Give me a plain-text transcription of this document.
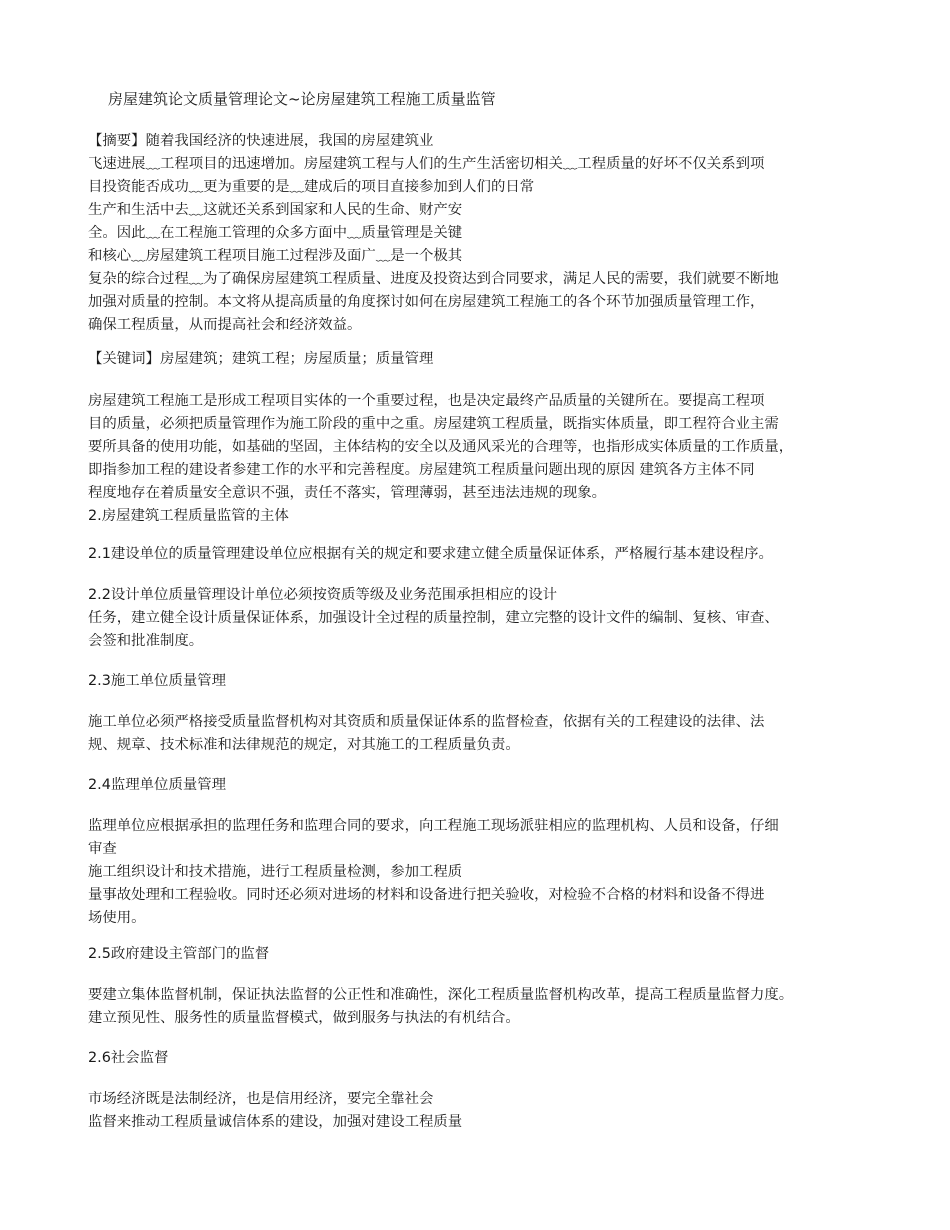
房屋建筑论文质量管理论文~论房屋建筑工程施工质量监管
【摘要】随着我国经济的快速进展，我国的房屋建筑业
飞速进展﹏工程项目的迅速增加。房屋建筑工程与人们的生产生活密切相关﹏工程质量的好坏不仅关系到项
目投资能否成功﹏更为重要的是﹏建成后的项目直接参加到人们的日常
生产和生活中去﹏这就还关系到国家和人民的生命、财产安
全。因此﹏在工程施工管理的众多方面中﹏质量管理是关键
和核心﹏房屋建筑工程项目施工过程涉及面广﹏是一个极其
复杂的综合过程﹏为了确保房屋建筑工程质量、进度及投资达到合同要求，满足人民的需要，我们就要不断地
加强对质量的控制。本文将从提高质量的角度探讨如何在房屋建筑工程施工的各个环节加强质量管理工作，
确保工程质量，从而提高社会和经济效益。
【关键词】房屋建筑；建筑工程；房屋质量；质量管理
房屋建筑工程施工是形成工程项目实体的一个重要过程，也是决定最终产品质量的关键所在。要提高工程项
目的质量，必须把质量管理作为施工阶段的重中之重。房屋建筑工程质量，既指实体质量，即工程符合业主需
要所具备的使用功能，如基础的坚固，主体结构的安全以及通风采光的合理等，也指形成实体质量的工作质量，
即指参加工程的建设者参建工作的水平和完善程度。房屋建筑工程质量问题出现的原因 建筑各方主体不同
程度地存在着质量安全意识不强，责任不落实，管理薄弱，甚至违法违规的现象。
2.房屋建筑工程质量监管的主体
2.1建设单位的质量管理建设单位应根据有关的规定和要求建立健全质量保证体系，严格履行基本建设程序。
2.2设计单位质量管理设计单位必须按资质等级及业务范围承担相应的设计
任务，建立健全设计质量保证体系，加强设计全过程的质量控制，建立完整的设计文件的编制、复核、审查、
会签和批准制度。
2.3施工单位质量管理
施工单位必须严格接受质量监督机构对其资质和质量保证体系的监督检查，依据有关的工程建设的法律、法
规、规章、技术标准和法律规范的规定，对其施工的工程质量负责。
2.4监理单位质量管理
监理单位应根据承担的监理任务和监理合同的要求，向工程施工现场派驻相应的监理机构、人员和设备，仔细
审查
施工组织设计和技术措施，进行工程质量检测，参加工程质
量事故处理和工程验收。同时还必须对进场的材料和设备进行把关验收，对检验不合格的材料和设备不得进
场使用。
2.5政府建设主管部门的监督
要建立集体监督机制，保证执法监督的公正性和准确性，深化工程质量监督机构改革，提高工程质量监督力度。
建立预见性、服务性的质量监督模式，做到服务与执法的有机结合。
2.6社会监督
市场经济既是法制经济，也是信用经济，要完全靠社会
监督来推动工程质量诚信体系的建设，加强对建设工程质量
